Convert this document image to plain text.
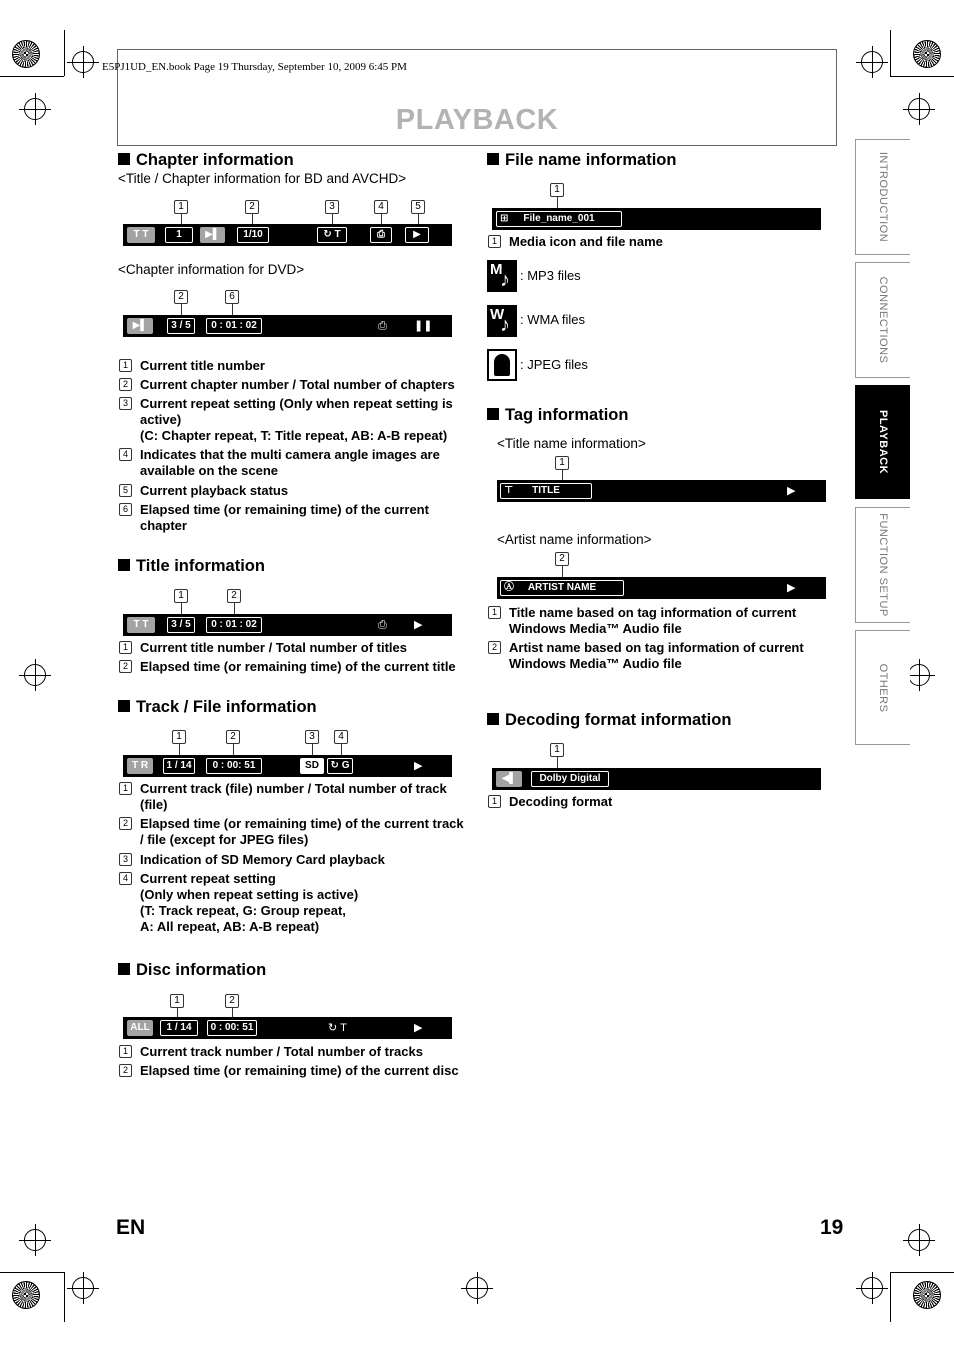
E5PJ1UD_EN.book Page 19 Thursday, September 10, 2009 6:45 PM
PLAYBACK
INTRODUCTION
CONNECTIONS
PLAYBACK
FUNCTION SETUP
OTHERS
Chapter information
<Title / Chapter information for BD and AVCHD>
1	2	3	4	5
T T	1	▶▌	1/10	↻ T	⎙	▶
<Chapter information for DVD>
2	6
▶▌	3 / 5	0 : 01 : 02	⎙ ❚❚
1 Current title number
2 Current chapter number / Total number of chapters
3 Current repeat setting (Only when repeat setting is active)
(C: Chapter repeat, T: Title repeat, AB: A-B repeat)
4 Indicates that the multi camera angle images are available on the scene
5 Current playback status
6 Elapsed time (or remaining time) of the current chapter
Title information
1	2
T T	3 / 5	0 : 01 : 02	⎙ ▶
1 Current title number / Total number of titles
2 Elapsed time (or remaining time) of the current title
Track / File information
1	2	3	4
T R	1 / 14	0 : 00: 51	SD	↻ G	▶
1 Current track (file) number / Total number of track (file)
2 Elapsed time (or remaining time) of the current track / file (except for JPEG files)
3 Indication of SD Memory Card playback
4 Current repeat setting
(Only when repeat setting is active)
(T: Track repeat, G: Group repeat,
A: All repeat, AB: A-B repeat)
Disc information
1	2
ALL	1 / 14	0 : 00: 51	↻ T	▶
1 Current track number / Total number of tracks
2 Elapsed time (or remaining time) of the current disc
File name information
1
⊞ File_name_001
1 Media icon and file name
M
♪ : MP3 files
W
♪ : WMA files
: JPEG files
Tag information
<Title name information>
1
⊤ TITLE	▶
<Artist name information>
2
Ⓐ ARTIST NAME	▶
1 Title name based on tag information of current Windows Media™ Audio file
2 Artist name based on tag information of current Windows Media™ Audio file
Decoding format information
1
◀▌	Dolby Digital
1 Decoding format
EN	19
